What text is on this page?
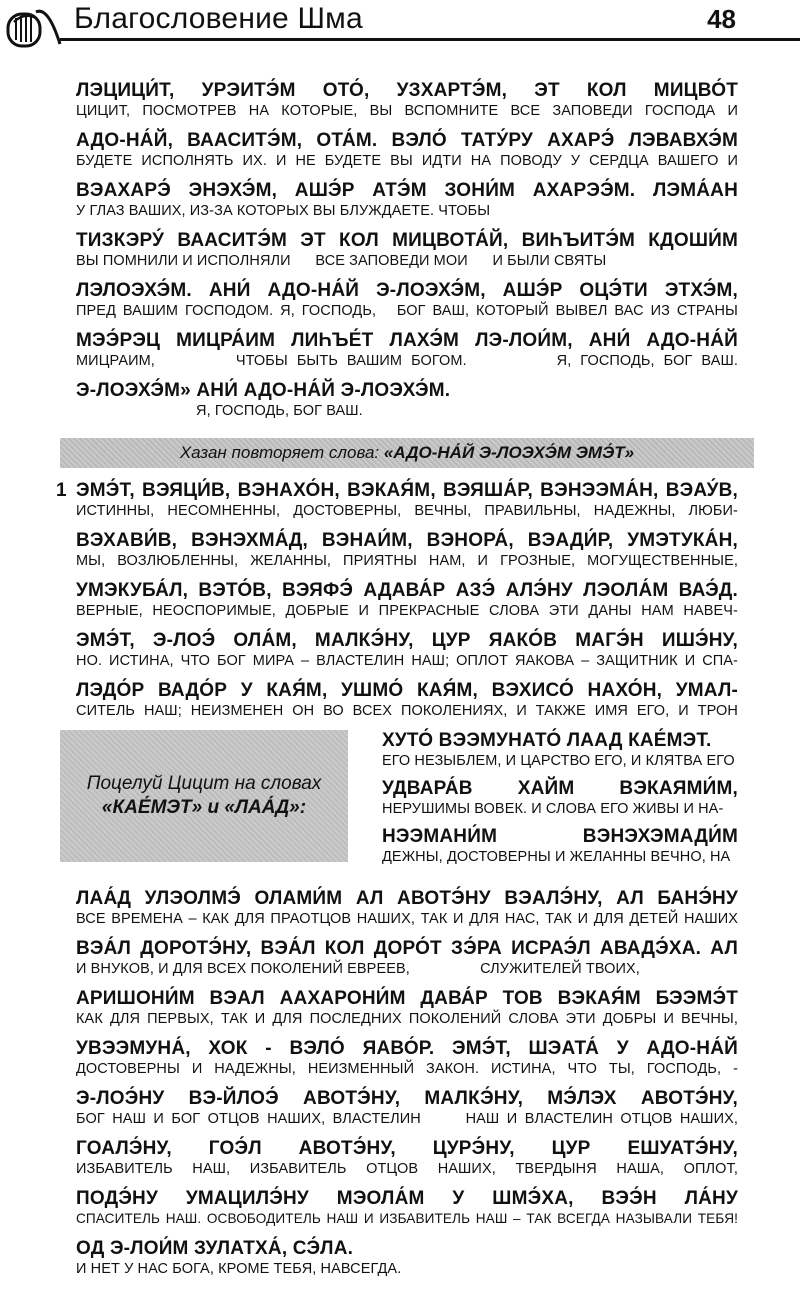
Благословение Шма	48
ЛЭЦИЦИ́Т, УРЭИТЭ́М ОТО́, УЗХАРТЭ́М, ЭТ КОЛ МИЦВО́Т
ЦИЦИТ, ПОСМОТРЕВ НА КОТОРЫЕ, ВЫ ВСПОМНИТЕ ВСЕ ЗАПОВЕДИ ГОСПОДА И
АДО-НА́Й, ВААСИТЭ́М, ОТА́М. ВЭЛО́ ТАТУ́РУ АХАРЭ́ ЛЭВАВХЭ́М
БУДЕТЕ ИСПОЛНЯТЬ ИХ. И НЕ БУДЕТЕ ВЫ ИДТИ НА ПОВОДУ У СЕРДЦА ВАШЕГО И
ВЭАХАРЭ́ ЭНЭХЭ́М, АШЭ́Р АТЭ́М ЗОНИ́М АХАРЭЭ́М. ЛЭМА́АН
У ГЛАЗ ВАШИХ, ИЗ-ЗА КОТОРЫХ ВЫ БЛУЖДАЕТЕ. ЧТОБЫ
ТИЗКЭРУ́ ВААСИТЭ́М ЭТ КОЛ МИЦВОТА́Й, ВИҺЪИТЭ́М КДОШИ́М
ВЫ ПОМНИЛИ И ИСПОЛНЯЛИ      ВСЕ ЗАПОВЕДИ МОИ      И БЫЛИ СВЯТЫ
ЛЭЛОЭХЭ́М. АНИ́ АДО-НА́Й Э-ЛОЭХЭ́М, АШЭ́Р ОЦЭ́ТИ ЭТХЭ́М,
ПРЕД ВАШИМ ГОСПОДОМ. Я, ГОСПОДЬ,   БОГ ВАШ, КОТОРЫЙ ВЫВЕЛ ВАС ИЗ СТРАНЫ
МЭЭ́РЭЦ МИЦРА́ИМ ЛИҺЪЕ́Т ЛАХЭ́М ЛЭ-ЛОИ́М, АНИ́ АДО-НА́Й
МИЦРАИМ,         ЧТОБЫ БЫТЬ ВАШИМ БОГОМ.          Я, ГОСПОДЬ, БОГ ВАШ.
Э-ЛОЭХЭ́М» АНИ́ АДО-НА́Й Э-ЛОЭХЭ́М.
Я, ГОСПОДЬ, БОГ ВАШ.
Хазан повторяет слова: «АДО-НА́Й Э-ЛОЭХЭ́М ЭМЭ́Т»
1 ЭМЭ́Т, ВЭЯЦИ́В, ВЭНАХО́Н, ВЭКАЯ́М, ВЭЯША́Р, ВЭНЭЭМА́Н, ВЭАУ́В,
ИСТИННЫ, НЕСОМНЕННЫ, ДОСТОВЕРНЫ, ВЕЧНЫ, ПРАВИЛЬНЫ, НАДЕЖНЫ, ЛЮБИ-
ВЭХАВИ́В, ВЭНЭХМА́Д, ВЭНАИ́М, ВЭНОРА́, ВЭАДИ́Р, УМЭТУКА́Н,
МЫ, ВОЗЛЮБЛЕННЫ, ЖЕЛАННЫ, ПРИЯТНЫ НАМ, И ГРОЗНЫЕ, МОГУЩЕСТВЕННЫЕ,
УМЭКУБА́Л, ВЭТО́В, ВЭЯФЭ́ АДАВА́Р АЗЭ́ АЛЭ́НУ ЛЭОЛА́М ВАЭ́Д.
ВЕРНЫЕ, НЕОСПОРИМЫЕ, ДОБРЫЕ И ПРЕКРАСНЫЕ СЛОВА ЭТИ ДАНЫ НАМ НАВЕЧ-
ЭМЭ́Т, Э-ЛОЭ́ ОЛА́М, МАЛКЭ́НУ, ЦУР ЯАКО́В МАГЭ́Н ИШЭ́НУ,
НО. ИСТИНА, ЧТО БОГ МИРА – ВЛАСТЕЛИН НАШ; ОПЛОТ ЯАКОВА – ЗАЩИТНИК И СПА-
ЛЭДО́Р ВАДО́Р У КАЯ́М, УШМО́ КАЯ́М, ВЭХИСО́ НАХО́Н, УМАЛ-
СИТЕЛЬ НАШ; НЕИЗМЕНЕН ОН ВО ВСЕХ ПОКОЛЕНИЯХ, И ТАКЖЕ ИМЯ ЕГО, И ТРОН
Поцелуй Цицит на словах
«КАЕ́МЭТ» и «ЛАА́Д»:
ХУТО́ ВЭЭМУНАТО́ ЛААД КАЕ́МЭТ.
ЕГО НЕЗЫБЛЕМ, И ЦАРСТВО ЕГО, И КЛЯТВА ЕГО
УДВАРА́В ХАЙМ ВЭКАЯМИ́М,
НЕРУШИМЫ ВОВЕК. И СЛОВА ЕГО ЖИВЫ И НА-
НЭЭМАНИ́М ВЭНЭХЭМАДИ́М
ДЕЖНЫ, ДОСТОВЕРНЫ И ЖЕЛАННЫ ВЕЧНО, НА
ЛАА́Д УЛЭОЛМЭ́ ОЛАМИ́М АЛ АВОТЭ́НУ ВЭАЛЭ́НУ, АЛ БАНЭ́НУ
ВСЕ ВРЕМЕНА – КАК ДЛЯ ПРАОТЦОВ НАШИХ, ТАК И ДЛЯ НАС, ТАК И ДЛЯ ДЕТЕЙ НАШИХ
ВЭА́Л ДОРОТЭ́НУ, ВЭА́Л КОЛ ДОРО́Т ЗЭ́РА ИСРАЭ́Л АВАДЭ́ХА. АЛ
И ВНУКОВ, И ДЛЯ ВСЕХ ПОКОЛЕНИЙ ЕВРЕЕВ,                 СЛУЖИТЕЛЕЙ ТВОИХ,
АРИШОНИ́М ВЭАЛ ААХАРОНИ́М ДАВА́Р ТОВ ВЭКАЯ́М БЭЭМЭ́Т
КАК ДЛЯ ПЕРВЫХ, ТАК И ДЛЯ ПОСЛЕДНИХ ПОКОЛЕНИЙ СЛОВА ЭТИ ДОБРЫ И ВЕЧНЫ,
УВЭЭМУНА́, ХОК - ВЭЛО́ ЯАВО́Р. ЭМЭ́Т, ШЭАТА́ У АДО-НА́Й
ДОСТОВЕРНЫ И НАДЕЖНЫ, НЕИЗМЕННЫЙ ЗАКОН. ИСТИНА, ЧТО ТЫ, ГОСПОДЬ, -
Э-ЛОЭ́НУ ВЭ-ЙЛОЭ́ АВОТЭ́НУ, МАЛКЭ́НУ, МЭ́ЛЭХ АВОТЭ́НУ,
БОГ НАШ И БОГ ОТЦОВ НАШИХ, ВЛАСТЕЛИН      НАШ И ВЛАСТЕЛИН ОТЦОВ НАШИХ,
ГОАЛЭ́НУ, ГОЭ́Л АВОТЭ́НУ, ЦУРЭ́НУ, ЦУР ЕШУАТЭ́НУ,
ИЗБАВИТЕЛЬ НАШ, ИЗБАВИТЕЛЬ ОТЦОВ НАШИХ, ТВЕРДЫНЯ НАША, ОПЛОТ,
ПОДЭ́НУ УМАЦИЛЭ́НУ МЭОЛА́М У ШМЭ́ХА, ВЭЭ́Н ЛА́НУ
СПАСИТЕЛЬ НАШ. ОСВОБОДИТЕЛЬ НАШ И ИЗБАВИТЕЛЬ НАШ – ТАК ВСЕГДА НАЗЫВАЛИ ТЕБЯ!
ОД Э-ЛОИ́М ЗУЛАТХА́, СЭ́ЛА.
И НЕТ У НАС БОГА, КРОМЕ ТЕБЯ, НАВСЕГДА.
